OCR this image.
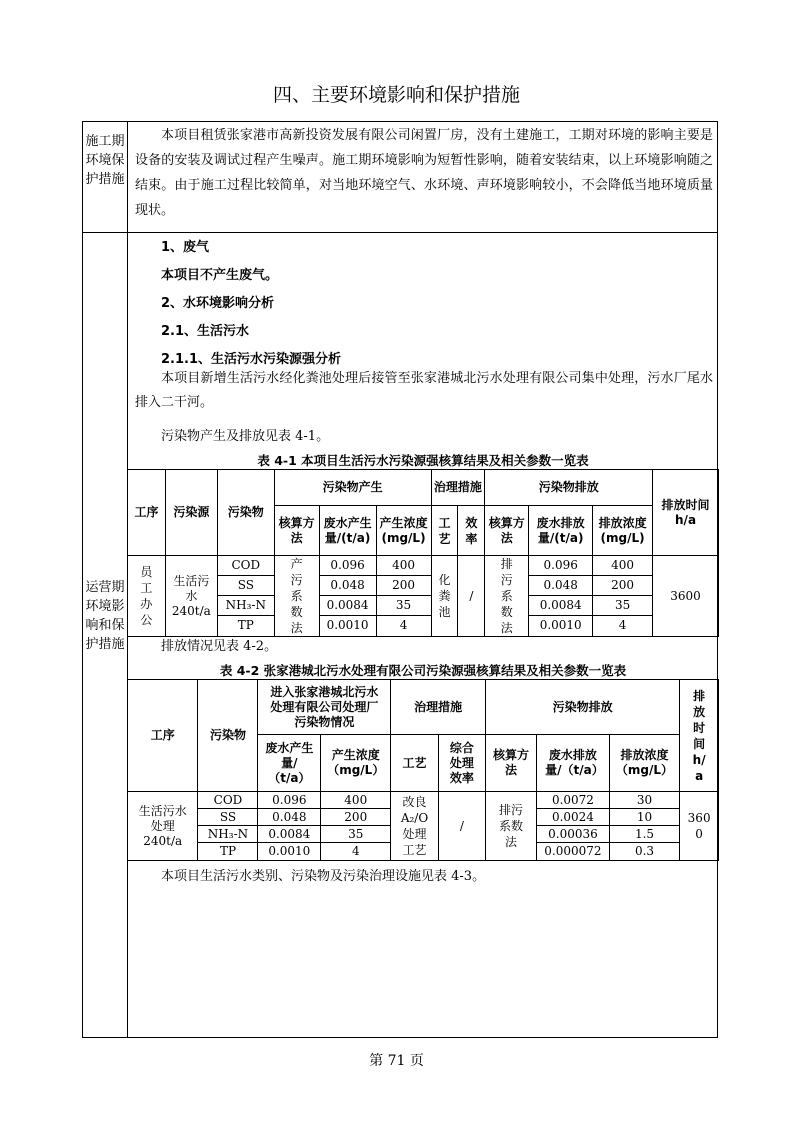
四、主要环境影响和保护措施
施工期环境保护措施
本项目租赁张家港市高新投资发展有限公司闲置厂房，没有土建施工，工期对环境的影响主要是设备的安装及调试过程产生噪声。施工期环境影响为短暂性影响，随着安装结束，以上环境影响随之结束。由于施工过程比较简单，对当地环境空气、水环境、声环境影响较小，不会降低当地环境质量现状。
运营期环境影响和保护措施
1、废气
本项目不产生废气。
2、水环境影响分析
2.1、生活污水
2.1.1、生活污水污染源强分析
本项目新增生活污水经化粪池处理后接管至张家港城北污水处理有限公司集中处理，污水厂尾水排入二干河。
污染物产生及排放见表 4-1。
表 4-1 本项目生活污水污染源强核算结果及相关参数一览表
工序	污染源	污染物	污染物产生			治理措施		污染物排放			排放时间h/a
			核算方法	废水产生量/(t/a)	产生浓度(mg/L)	工艺	效率	核算方法	废水排放量/(t/a)	排放浓度(mg/L)	
员工办公	生活污水240t/a	COD	产污系数法	0.096	400	化粪池	/	排污系数法	0.096	400	3600
		SS		0.048	200				0.048	200	
		NH₃-N		0.0084	35				0.0084	35	
		TP		0.0010	4				0.0010	4	
排放情况见表 4-2。
表 4-2 张家港城北污水处理有限公司污染源强核算结果及相关参数一览表
工序	污染物	进入张家港城北污水处理有限公司处理厂污染物情况		治理措施		污染物排放			排放时间h/a
		废水产生量/（t/a）	产生浓度（mg/L）	工艺	综合处理效率	核算方法	废水排放量/（t/a）	排放浓度（mg/L）	
生活污水处理240t/a	COD	0.096	400	改良A₂/O处理工艺	/	排污系数法	0.0072	30	3600
	SS	0.048	200				0.0024	10	
	NH₃-N	0.0084	35				0.00036	1.5	
	TP	0.0010	4				0.000072	0.3	
本项目生活污水类别、污染物及污染治理设施见表 4-3。
第 71 页
